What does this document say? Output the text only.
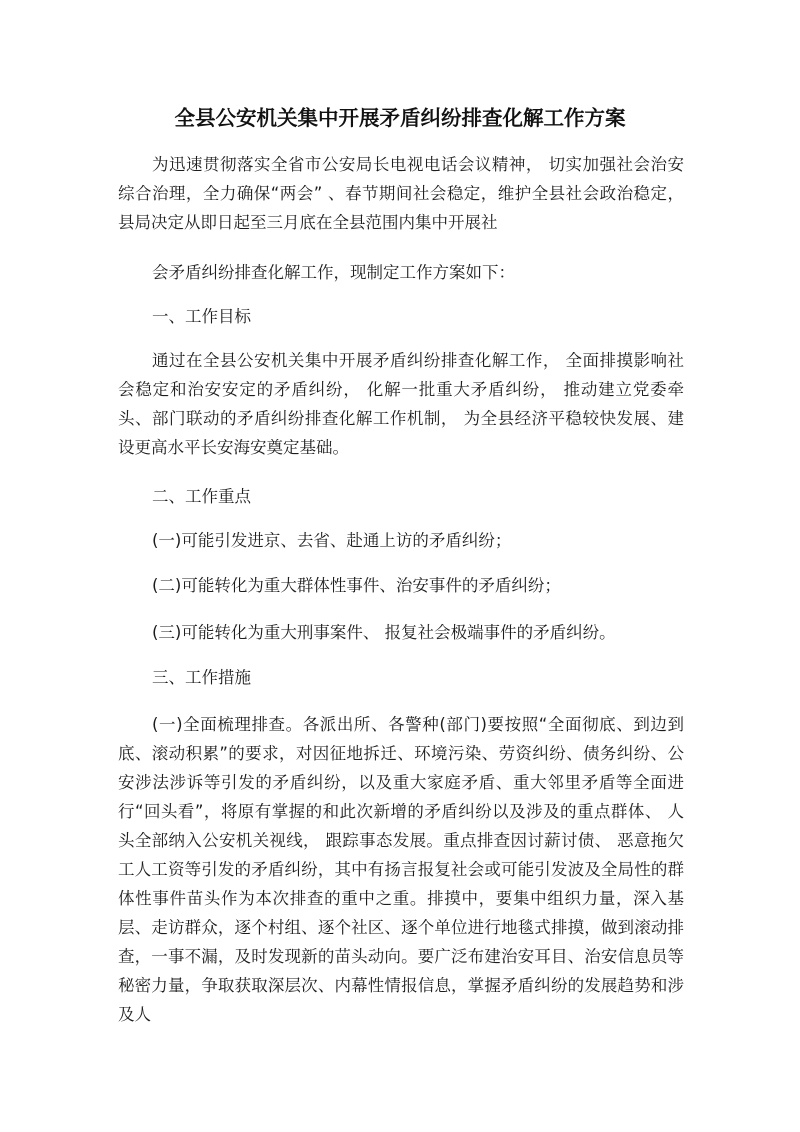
全县公安机关集中开展矛盾纠纷排查化解工作方案
为迅速贯彻落实全省市公安局长电视电话会议精神， 切实加强社会治安综合治理，全力确保“两会” 、春节期间社会稳定，维护全县社会政治稳定，县局决定从即日起至三月底在全县范围内集中开展社
会矛盾纠纷排查化解工作，现制定工作方案如下：
一、工作目标
通过在全县公安机关集中开展矛盾纠纷排查化解工作， 全面排摸影响社会稳定和治安安定的矛盾纠纷， 化解一批重大矛盾纠纷， 推动建立党委牵头、部门联动的矛盾纠纷排查化解工作机制， 为全县经济平稳较快发展、建设更高水平长安海安奠定基础。
二、工作重点
(一)可能引发进京、去省、赴通上访的矛盾纠纷；
(二)可能转化为重大群体性事件、治安事件的矛盾纠纷；
(三)可能转化为重大刑事案件、 报复社会极端事件的矛盾纠纷。
三、工作措施
(一)全面梳理排查。各派出所、各警种(部门)要按照“全面彻底、到边到底、滚动积累”的要求，对因征地拆迁、环境污染、劳资纠纷、债务纠纷、公安涉法涉诉等引发的矛盾纠纷，以及重大家庭矛盾、重大邻里矛盾等全面进行“回头看”，将原有掌握的和此次新增的矛盾纠纷以及涉及的重点群体、 人头全部纳入公安机关视线， 跟踪事态发展。重点排查因讨薪讨债、 恶意拖欠工人工资等引发的矛盾纠纷，其中有扬言报复社会或可能引发波及全局性的群体性事件苗头作为本次排查的重中之重。排摸中，要集中组织力量，深入基层、走访群众，逐个村组、逐个社区、逐个单位进行地毯式排摸，做到滚动排查，一事不漏，及时发现新的苗头动向。要广泛布建治安耳目、治安信息员等秘密力量，争取获取深层次、内幕性情报信息，掌握矛盾纠纷的发展趋势和涉及人
